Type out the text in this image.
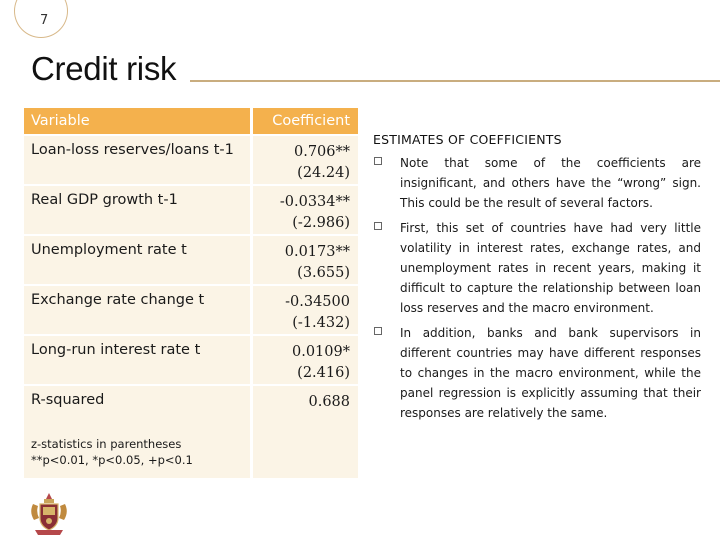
7
Credit risk
Variable	Coefficient
Loan-loss reserves/loans t-1	0.706**
(24.24)
Real GDP growth t-1	-0.0334**
(-2.986)
Unemployment rate t	0.0173**
(3.655)
Exchange rate change t	-0.34500
(-1.432)
Long-run interest rate t	0.0109*
(2.416)
R-squared	0.688
z-statistics in parentheses
**p<0.01, *p<0.05, +p<0.1
ESTIMATES OF COEFFICIENTS
Note that some of the coefficients are insignificant, and others have the “wrong” sign. This could be the result of several factors.
First, this set of countries have had very little volatility in interest rates, exchange rates, and unemployment rates in recent years, making it difficult to capture the relationship between loan loss reserves and the macro environment.
In addition, banks and bank supervisors in different countries may have different responses to changes in the macro environment, while the panel regression is explicitly assuming that their responses are relatively the same.
